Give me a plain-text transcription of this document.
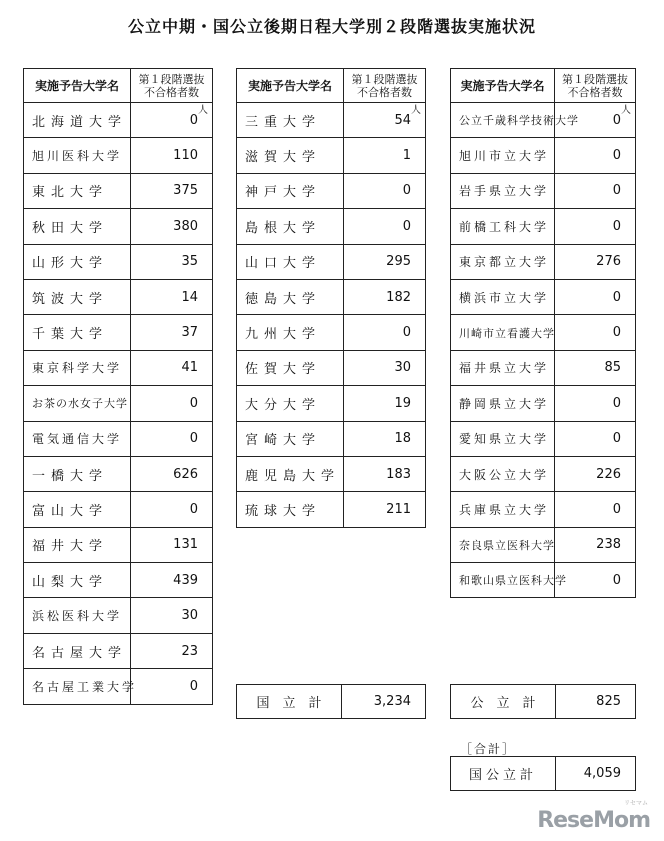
公立中期・国公立後期日程大学別２段階選抜実施状況
実施予告大学名	第１段階選抜
不合格者数
北海道大学	0
人

旭川医科大学	110
東北大学	375
秋田大学	380
山形大学	35
筑波大学	14
千葉大学	37
東京科学大学	41
お茶の水女子大学	0
電気通信大学	0
一橋大学	626
富山大学	0
福井大学	131
山梨大学	439
浜松医科大学	30
名古屋大学	23
名古屋工業大学	0
実施予告大学名	第１段階選抜
不合格者数
三重大学	54
人

滋賀大学	1
神戸大学	0
島根大学	0
山口大学	295
徳島大学	182
九州大学	0
佐賀大学	30
大分大学	19
宮崎大学	18
鹿児島大学	183
琉球大学	211
実施予告大学名	第１段階選抜
不合格者数
公立千歳科学技術大学	0
人

旭川市立大学	0
岩手県立大学	0
前橋工科大学	0
東京都立大学	276
横浜市立大学	0
川崎市立看護大学	0
福井県立大学	85
静岡県立大学	0
愛知県立大学	0
大阪公立大学	226
兵庫県立大学	0
奈良県立医科大学	238
和歌山県立医科大学	0
国　立　計	3,234	公　立　計	825
［合計］
国公立計	4,059
リセマム
ReseMom
